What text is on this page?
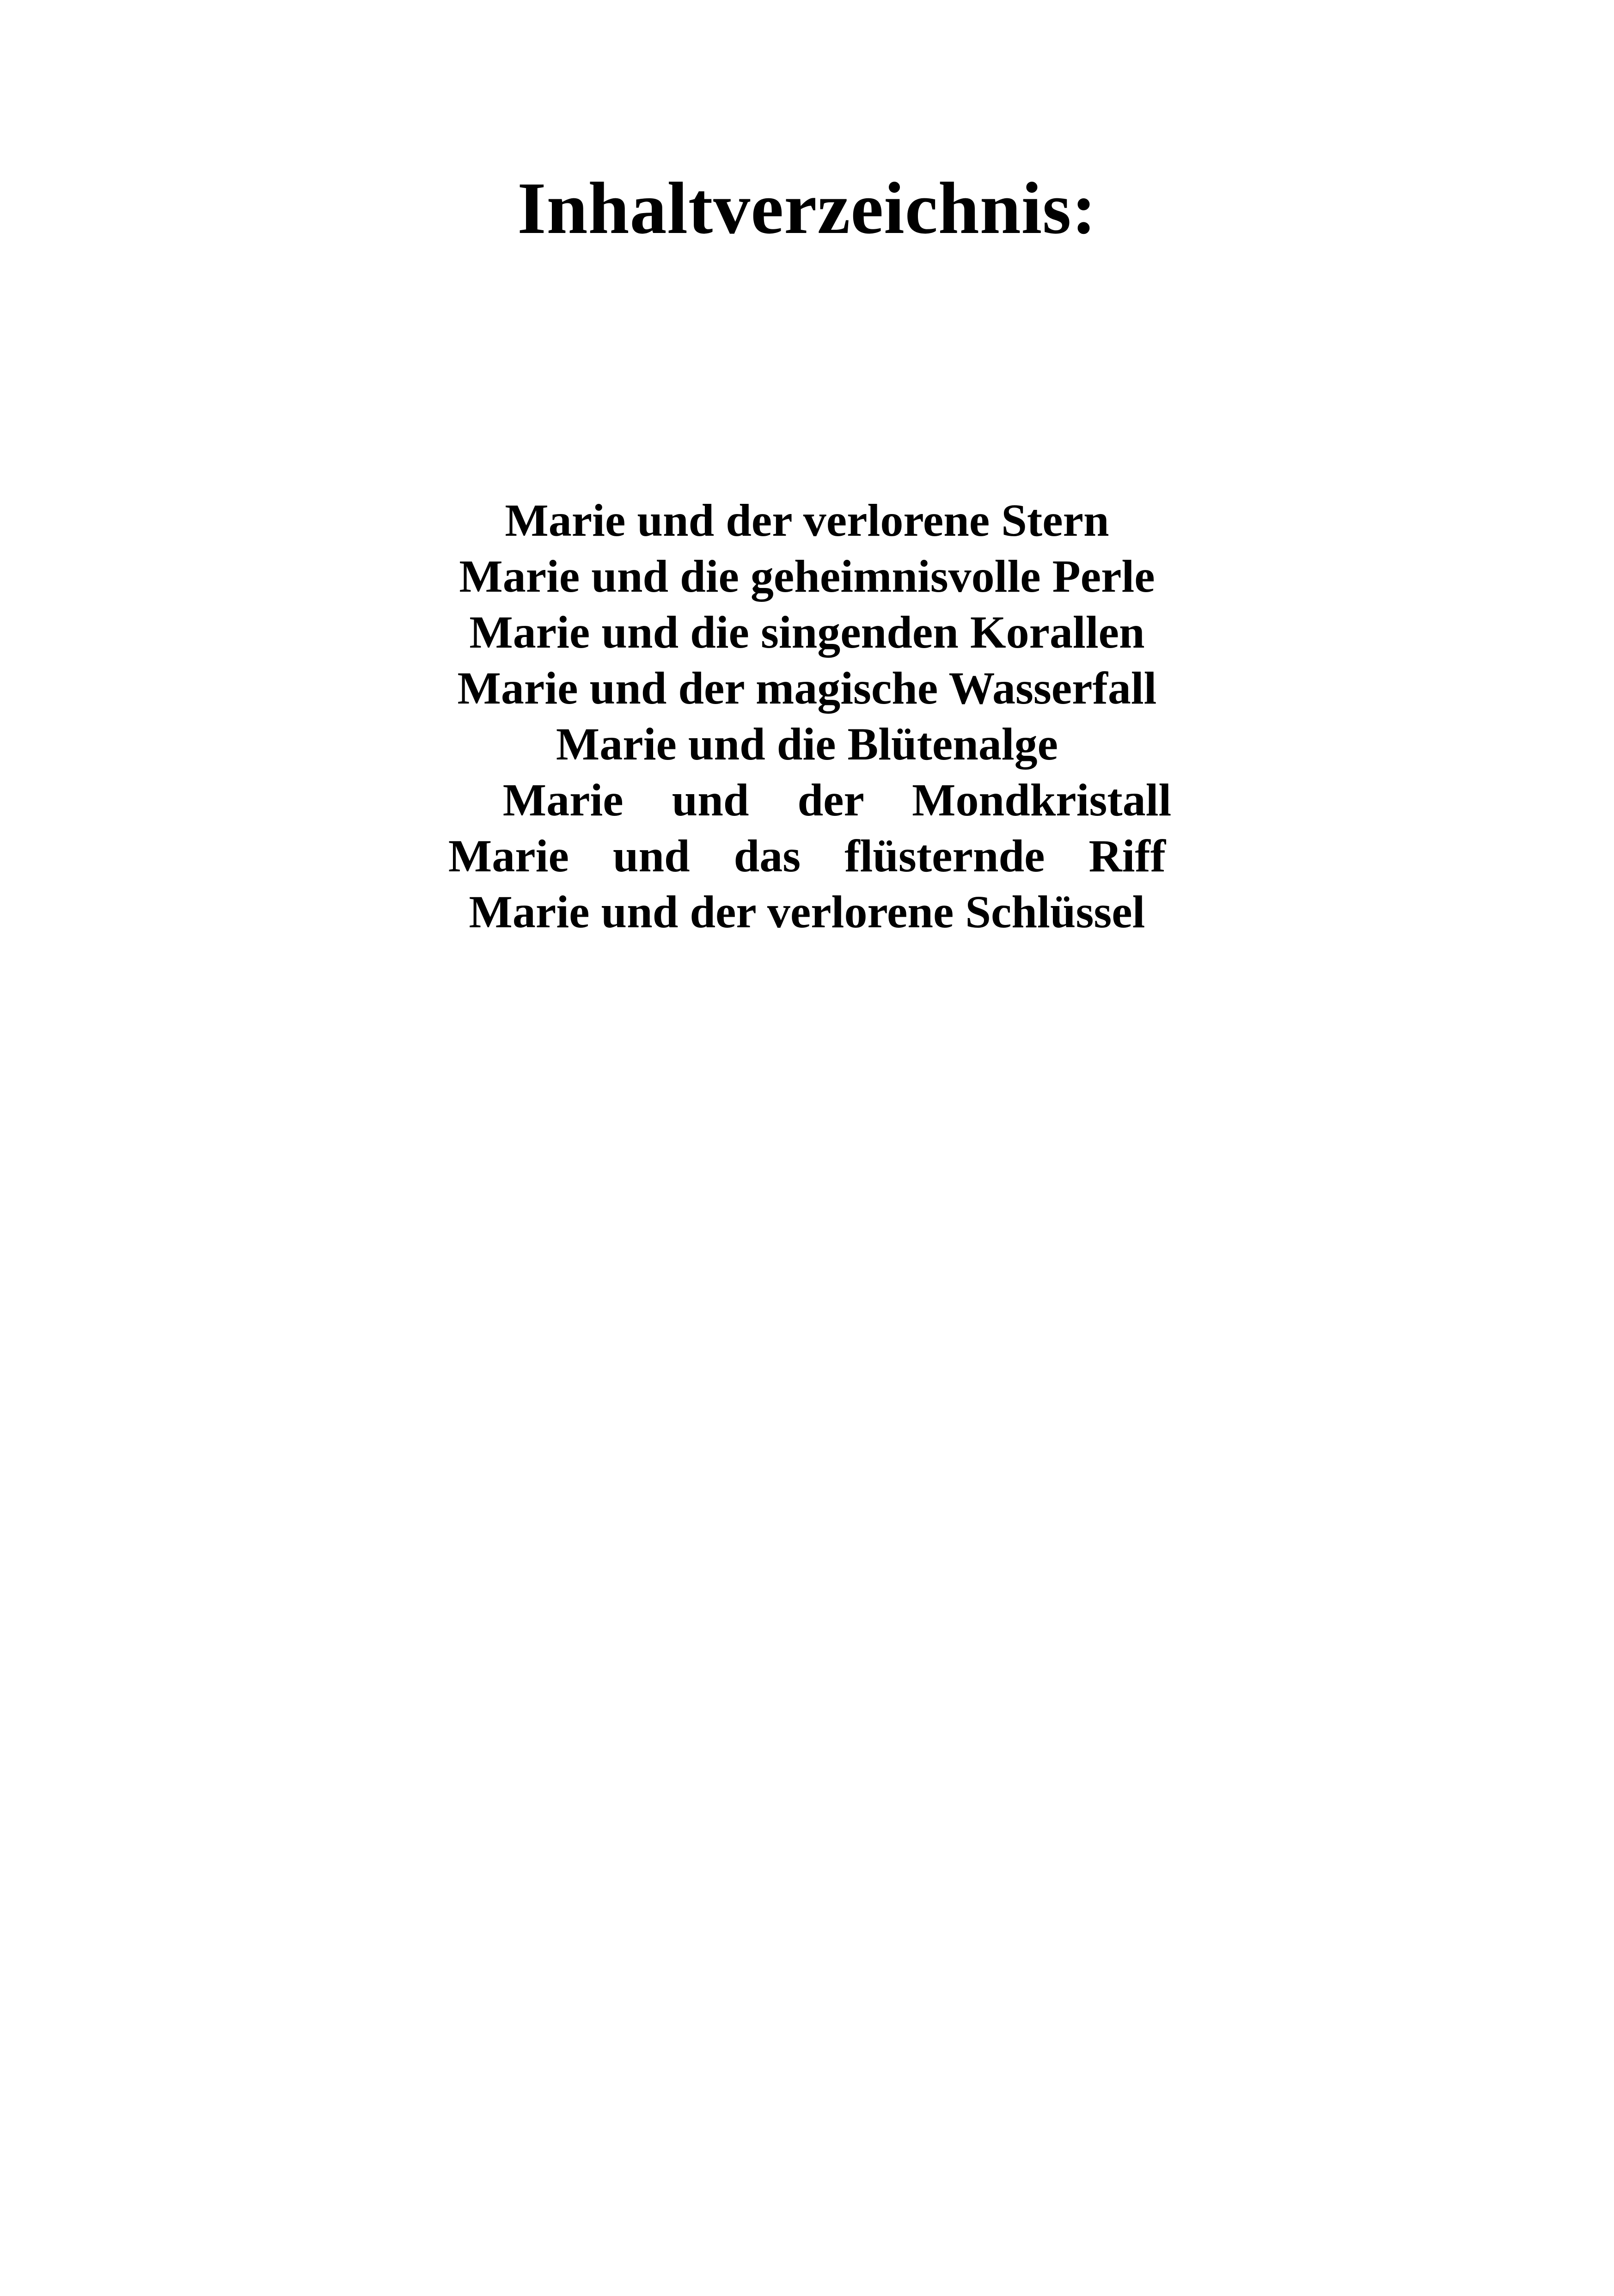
Inhaltverzeichnis:
Marie und der verlorene Stern
Marie und die geheimnisvolle Perle
Marie und die singenden Korallen
Marie und der magische Wasserfall
Marie und die Blütenalge
Marie und der Mondkristall
Marie und das flüsternde Riff
Marie und der verlorene Schlüssel
